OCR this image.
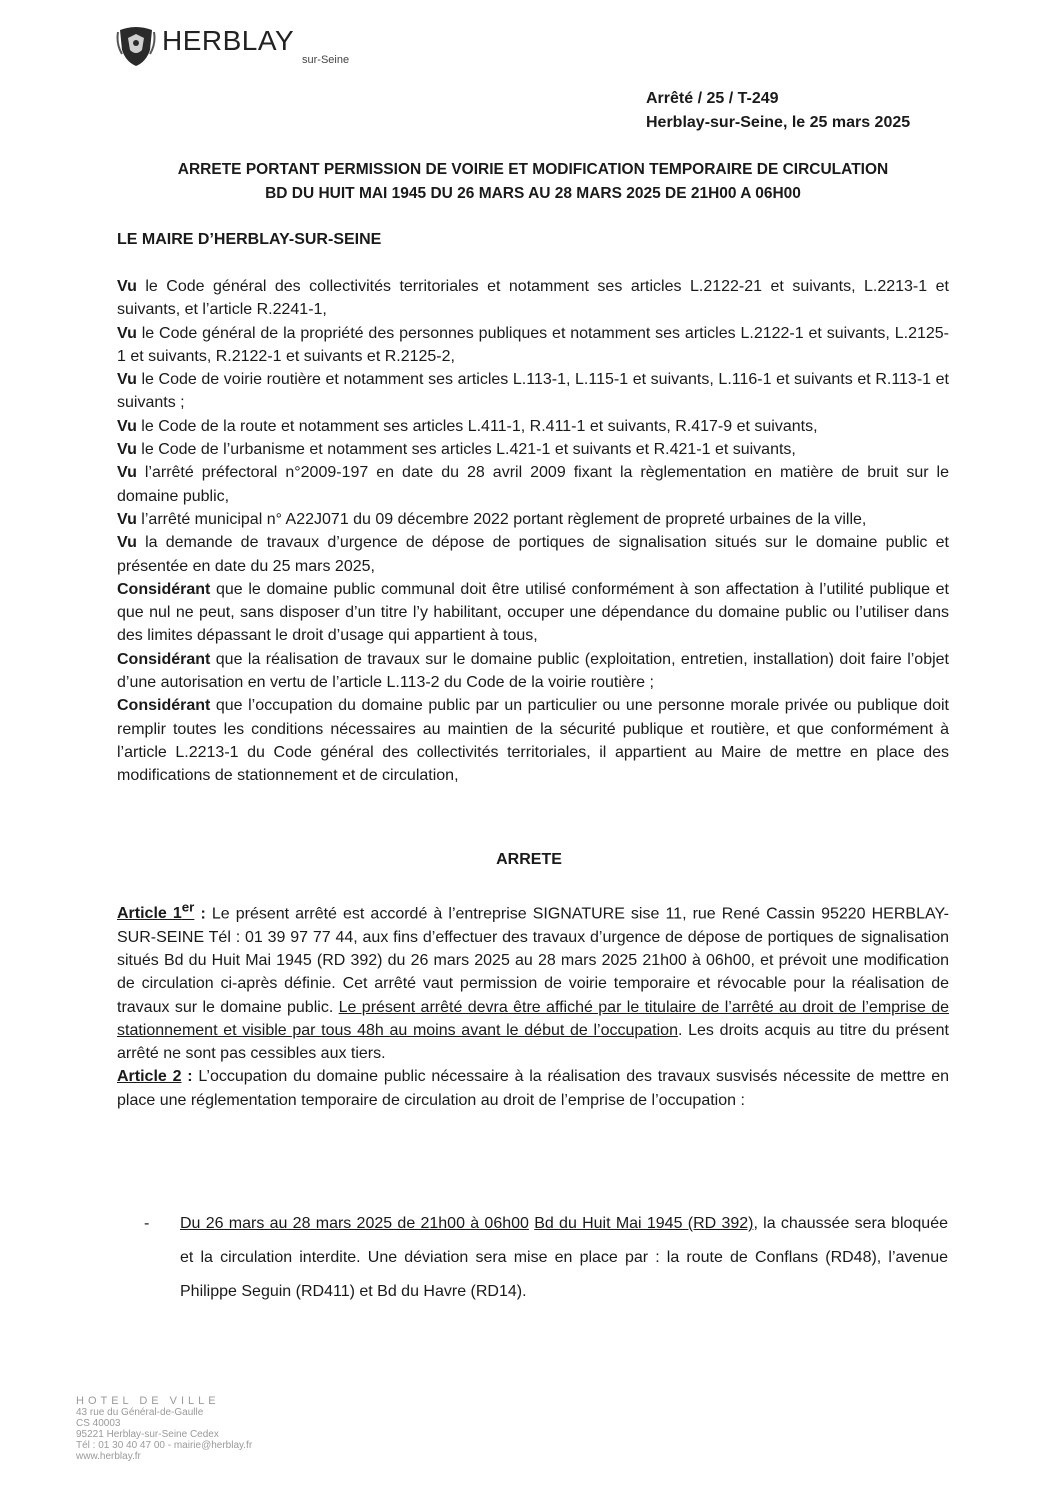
HERBLAY
sur-Seine
Arrêté / 25 / T-249
Herblay-sur-Seine, le 25 mars 2025
ARRETE PORTANT PERMISSION DE VOIRIE ET MODIFICATION TEMPORAIRE DE CIRCULATION
BD DU HUIT MAI 1945 DU 26 MARS AU 28 MARS 2025 DE 21H00 A 06H00
LE MAIRE D’HERBLAY-SUR-SEINE

Vu le Code général des collectivités territoriales et notamment ses articles L.2122-21 et suivants, L.2213-1 et suivants, et l’article R.2241-1,

Vu le Code général de la propriété des personnes publiques et notamment ses articles L.2122-1 et suivants, L.2125-1 et suivants, R.2122-1 et suivants et R.2125-2,

Vu le Code de voirie routière et notamment ses articles L.113-1, L.115-1 et suivants, L.116-1 et suivants et R.113-1 et suivants ;

Vu le Code de la route et notamment ses articles L.411-1, R.411-1 et suivants, R.417-9 et suivants,

Vu le Code de l’urbanisme et notamment ses articles L.421-1 et suivants et R.421-1 et suivants,

Vu l’arrêté préfectoral n°2009-197 en date du 28 avril 2009 fixant la règlementation en matière de bruit sur le domaine public,

Vu l’arrêté municipal n° A22J071 du 09 décembre 2022 portant règlement de propreté urbaines de la ville,

Vu la demande de travaux d’urgence de dépose de portiques de signalisation situés sur le domaine public et présentée en date du 25 mars 2025,

Considérant que le domaine public communal doit être utilisé conformément à son affectation à l’utilité publique et que nul ne peut, sans disposer d’un titre l’y habilitant, occuper une dépendance du domaine public ou l’utiliser dans des limites dépassant le droit d’usage qui appartient à tous,

Considérant que la réalisation de travaux sur le domaine public (exploitation, entretien, installation) doit faire l’objet d’une autorisation en vertu de l’article L.113-2 du Code de la voirie routière ;

Considérant que l’occupation du domaine public par un particulier ou une personne morale privée ou publique doit remplir toutes les conditions nécessaires au maintien de la sécurité publique et routière, et que conformément à l’article L.2213-1 du Code général des collectivités territoriales, il appartient au Maire de mettre en place des modifications de stationnement et de circulation,

ARRETE

Article 1er : Le présent arrêté est accordé à l’entreprise SIGNATURE sise 11, rue René Cassin 95220 HERBLAY-SUR-SEINE Tél : 01 39 97 77 44, aux fins d’effectuer des travaux d’urgence de dépose de portiques de signalisation situés Bd du Huit Mai 1945 (RD 392) du 26 mars 2025 au 28 mars 2025 21h00 à 06h00, et prévoit une modification de circulation ci-après définie. Cet arrêté vaut permission de voirie temporaire et révocable pour la réalisation de travaux sur le domaine public. Le présent arrêté devra être affiché par le titulaire de l’arrêté au droit de l’emprise de stationnement et visible par tous 48h au moins avant le début de l’occupation. Les droits acquis au titre du présent arrêté ne sont pas cessibles aux tiers.

Article 2 : L’occupation du domaine public nécessaire à la réalisation des travaux susvisés nécessite de mettre en place une réglementation temporaire de circulation au droit de l’emprise de l’occupation :

- Du 26 mars au 28 mars 2025 de 21h00 à 06h00 Bd du Huit Mai 1945 (RD 392), la chaussée sera bloquée et la circulation interdite. Une déviation sera mise en place par : la route de Conflans (RD48), l’avenue Philippe Seguin (RD411) et Bd du Havre (RD14).
HOTEL DE VILLE
43 rue du Général-de-Gaulle
CS 40003
95221 Herblay-sur-Seine Cedex
Tél : 01 30 40 47 00 - mairie@herblay.fr
www.herblay.fr
